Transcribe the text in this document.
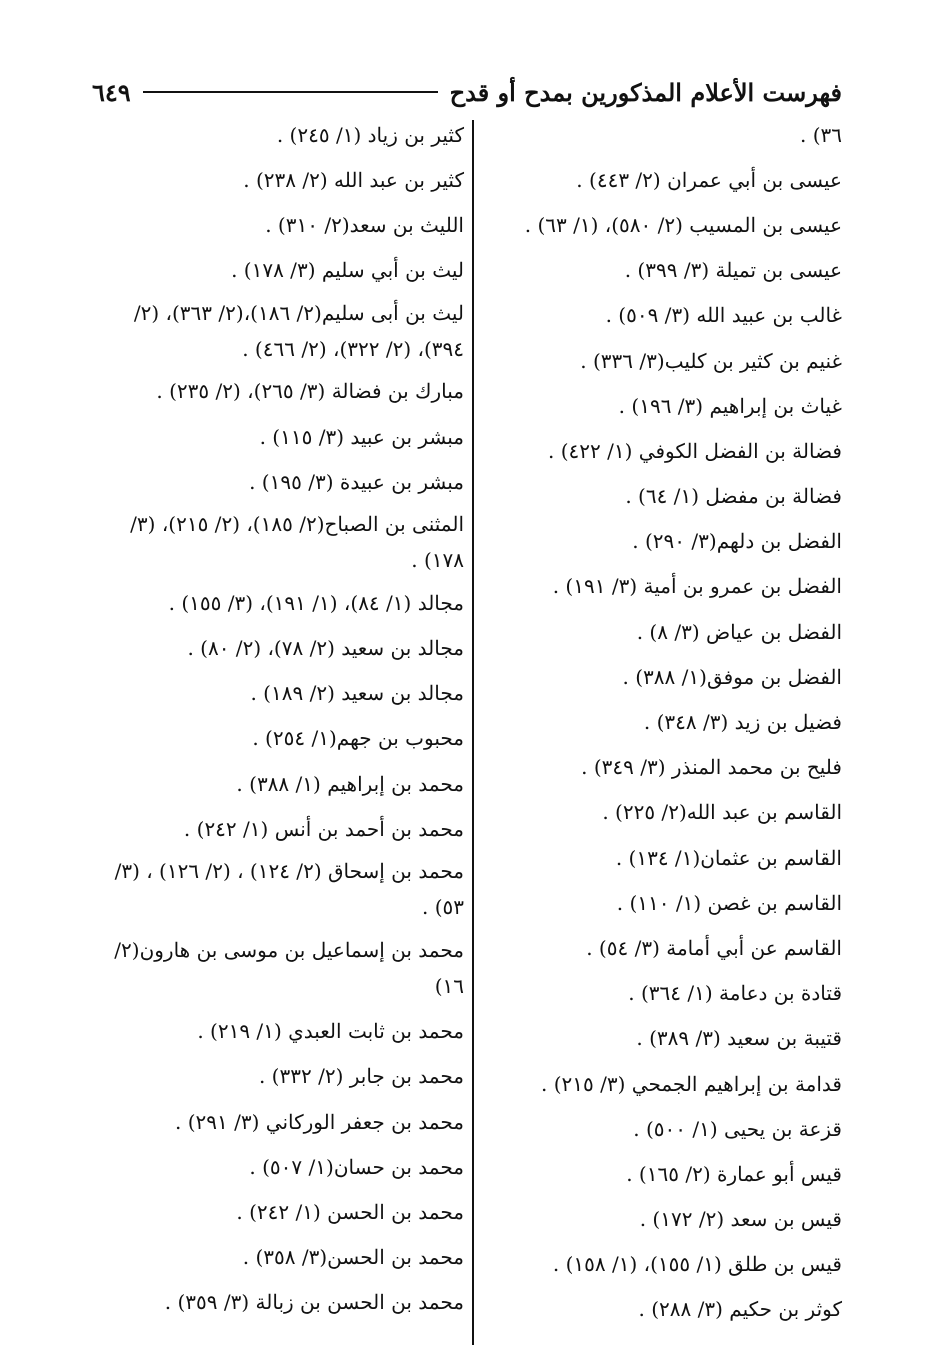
فهرست الأعلام المذكورين بمدح أو قدح
٦٤٩
٣٦) .
عيسى بن أبي عمران (٢/ ٤٤٣) .
عيسى بن المسيب (٢/ ٥٨٠)، (١/ ٦٣) .
عيسى بن تميلة (٣/ ٣٩٩) .
غالب بن عبيد الله (٣/ ٥٠٩) .
غنيم بن كثير بن كليب(٣/ ٣٣٦) .
غياث بن إبراهيم (٣/ ١٩٦) .
فضالة بن الفضل الكوفي (١/ ٤٢٢) .
فضالة بن مفضل (١/ ٦٤) .
الفضل بن دلهم(٣/ ٢٩٠) .
الفضل بن عمرو بن أمية (٣/ ١٩١) .
الفضل بن عياض (٣/ ٨) .
الفضل بن موفق(١/ ٣٨٨) .
فضيل بن زيد (٣/ ٣٤٨) .
فليح بن محمد المنذر (٣/ ٣٤٩) .
القاسم بن عبد الله(٢/ ٢٢٥) .
القاسم بن عثمان(١/ ١٣٤) .
القاسم بن غصن (١/ ١١٠) .
القاسم عن أبي أمامة (٣/ ٥٤) .
قتادة بن دعامة (١/ ٣٦٤) .
قتيبة بن سعيد (٣/ ٣٨٩) .
قدامة بن إبراهيم الجمحي (٣/ ٢١٥) .
قزعة بن يحيى (١/ ٥٠٠) .
قيس أبو عمارة (٢/ ١٦٥) .
قيس بن سعد (٢/ ١٧٢) .
قيس بن طلق (١/ ١٥٥)، (١/ ١٥٨) .
كوثر بن حكيم (٣/ ٢٨٨) .
كثير بن زياد (١/ ٢٤٥) .
كثير بن عبد الله (٢/ ٢٣٨) .
الليث بن سعد(٢/ ٣١٠) .
ليث بن أبي سليم (٣/ ١٧٨) .
ليث بن أبى سليم(٢/ ١٨٦)،(٢/ ٣٦٣)، (٢/ ٣٩٤)، (٢/ ٣٢٢)، (٢/ ٤٦٦) .
مبارك بن فضالة (٣/ ٢٦٥)، (٢/ ٢٣٥) .
مبشر بن عبيد (٣/ ١١٥) .
مبشر بن عبيدة (٣/ ١٩٥) .
المثنى بن الصباح(٢/ ١٨٥)، (٢/ ٢١٥)، (٣/ ١٧٨) .
مجالد (١/ ٨٤)، (١/ ١٩١)، (٣/ ١٥٥) .
مجالد بن سعيد (٢/ ٧٨)، (٢/ ٨٠) .
مجالد بن سعيد (٢/ ١٨٩) .
محبوب بن جهم(١/ ٢٥٤) .
محمد بن إبراهيم (١/ ٣٨٨) .
محمد بن أحمد بن أنس (١/ ٢٤٢) .
محمد بن إسحاق (٢/ ١٢٤) ، (٢/ ١٢٦) ، (٣/ ٥٣) .
محمد بن إسماعيل بن موسى بن هارون(٢/ ١٦)
محمد بن ثابت العبدي (١/ ٢١٩) .
محمد بن جابر (٢/ ٣٣٢) .
محمد بن جعفر الوركاني (٣/ ٢٩١) .
محمد بن حسان(١/ ٥٠٧) .
محمد بن الحسن (١/ ٢٤٢) .
محمد بن الحسن(٣/ ٣٥٨) .
محمد بن الحسن بن زبالة (٣/ ٣٥٩) .
